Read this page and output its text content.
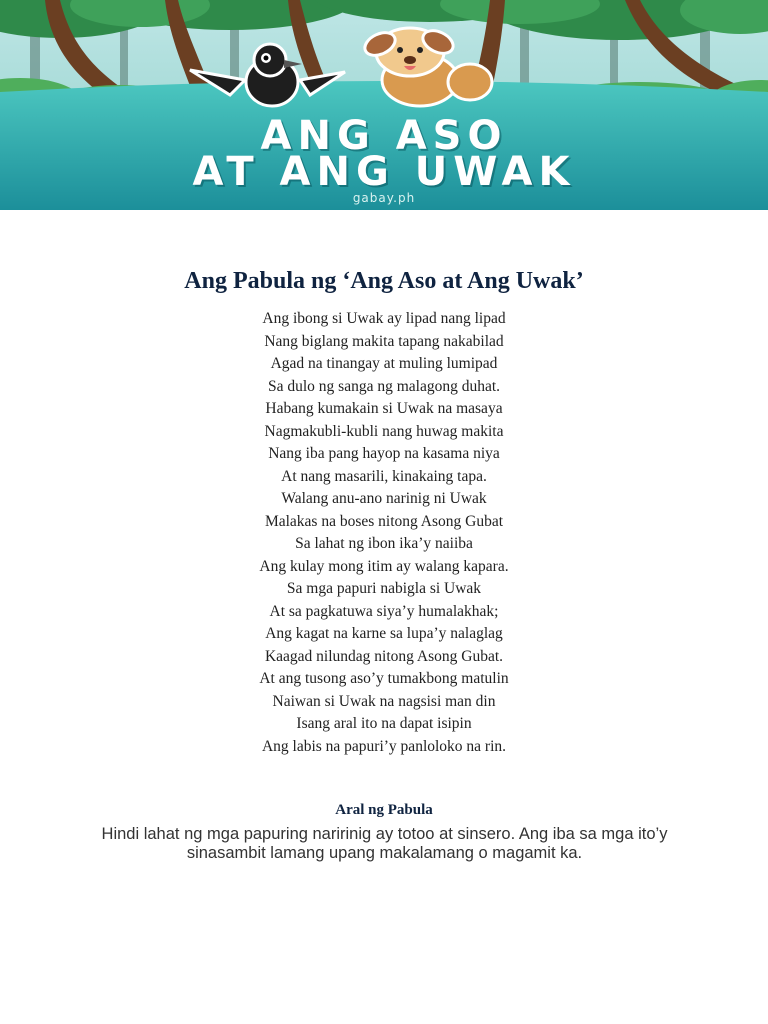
ANG ASO
AT ANG UWAK
gabay.ph
Ang Pabula ng ‘Ang Aso at Ang Uwak’
Ang ibong si Uwak ay lipad nang lipad
Nang biglang makita tapang nakabilad
Agad na tinangay at muling lumipad
Sa dulo ng sanga ng malagong duhat.
Habang kumakain si Uwak na masaya
Nagmakubli-kubli nang huwag makita
Nang iba pang hayop na kasama niya
At nang masarili, kinakaing tapa.
Walang anu-ano narinig ni Uwak
Malakas na boses nitong Asong Gubat
Sa lahat ng ibon ika’y naiiba
Ang kulay mong itim ay walang kapara.
Sa mga papuri nabigla si Uwak
At sa pagkatuwa siya’y humalakhak;
Ang kagat na karne sa lupa’y nalaglag
Kaagad nilundag nitong Asong Gubat.
At ang tusong aso’y tumakbong matulin
Naiwan si Uwak na nagsisi man din
Isang aral ito na dapat isipin
Ang labis na papuri’y panloloko na rin.
Aral ng Pabula
Hindi lahat ng mga papuring naririnig ay totoo at sinsero. Ang iba sa mga ito’y sinasambit lamang upang makalamang o magamit ka.
